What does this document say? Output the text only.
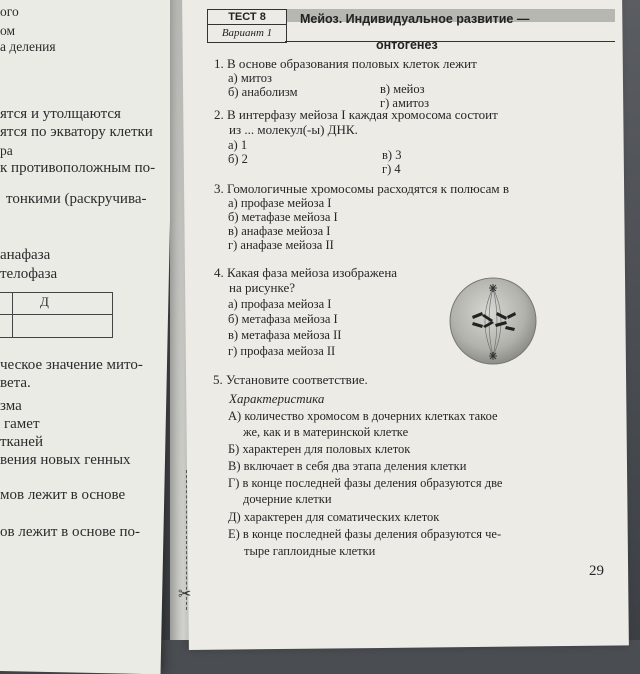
ого
ом
а деления
ятся и утолщаются
ятся по экватору клетки
ра
к противоположным по-
тонкими (раскручива-
анафаза
телофаза
Д
ческое значение мито-
вета.
зма
гамет
тканей
вения новых генных
мов лежит в основе
ов лежит в основе по-
ТЕСТ 8
Вариант 1
Мейоз. Индивидуальное развитие —
онтогенез
1. В основе образования половых клеток лежит
а) митоз
в) мейоз
б) анаболизм
г) амитоз
2. В интерфазу мейоза I каждая хромосома состоит
из ... молекул(-ы) ДНК.
а) 1
б) 2	в) 3
г) 4
3. Гомологичные хромосомы расходятся к полюсам в
а) профазе мейоза I
б) метафазе мейоза I
в) анафазе мейоза I
г) анафазе мейоза II
4. Какая фаза мейоза изображена
на рисунке?
а) профаза мейоза I
б) метафаза мейоза I
в) метафаза мейоза II
г) профаза мейоза II
5. Установите соответствие.
Характеристика
А) количество хромосом в дочерних клетках такое
же, как и в материнской клетке
Б) характерен для половых клеток
В) включает в себя два этапа деления клетки
Г) в конце последней фазы деления образуются две
дочерние клетки
Д) характерен для соматических клеток
Е) в конце последней фазы деления образуются че-
тыре гаплоидные клетки
29
✂
